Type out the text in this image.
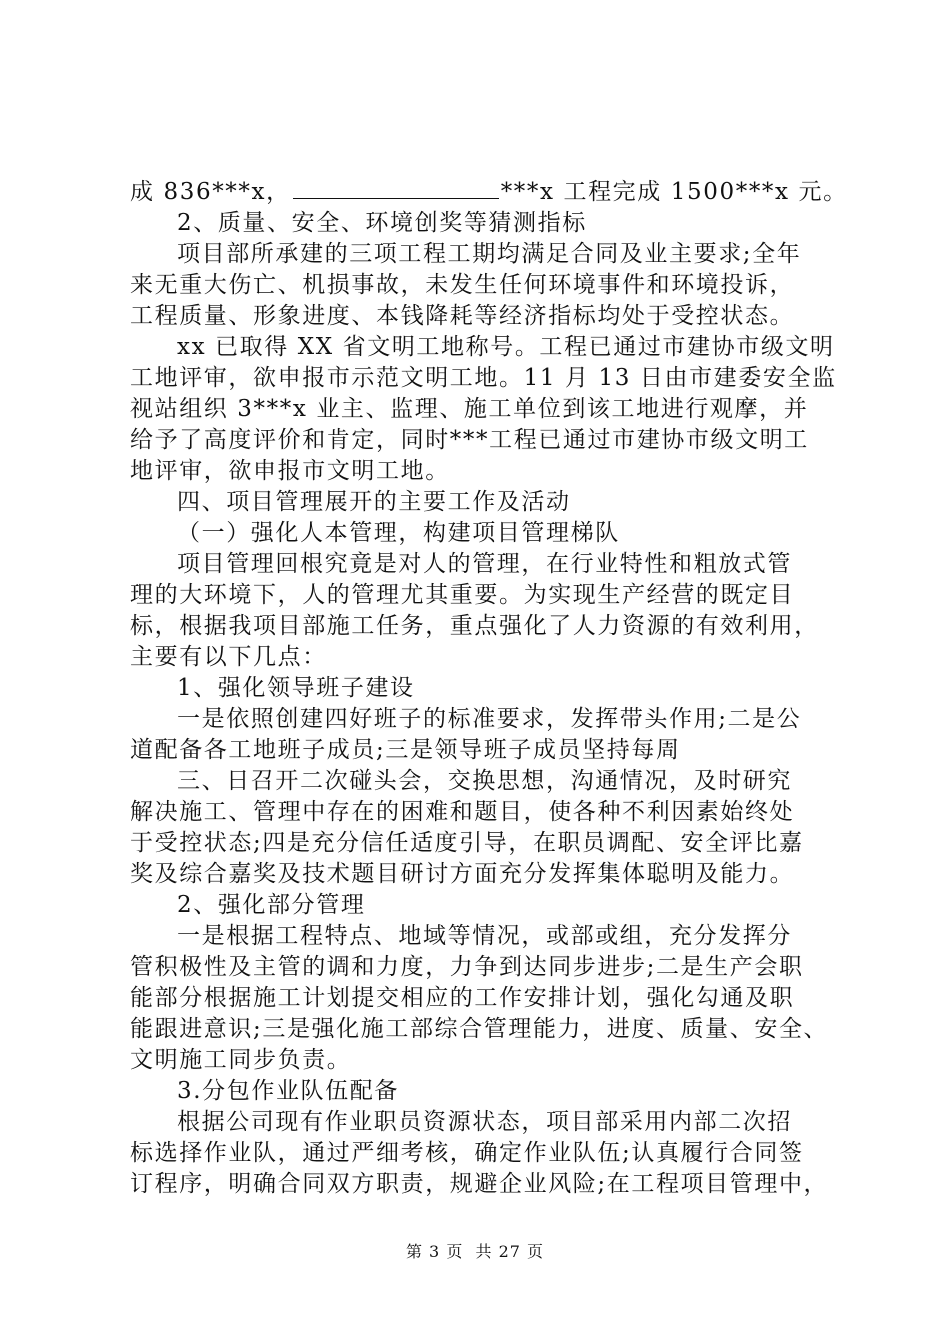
成 836***x，	***x 工程完成 1500***x 元。
2、质量、安全、环境创奖等猜测指标
项目部所承建的三项工程工期均满足合同及业主要求;全年
来无重大伤亡、机损事故，未发生任何环境事件和环境投诉，
工程质量、形象进度、本钱降耗等经济指标均处于受控状态。
xx 已取得 XX 省文明工地称号。工程已通过市建协市级文明
工地评审，欲申报市示范文明工地。11 月 13 日由市建委安全监
视站组织 3***x 业主、监理、施工单位到该工地进行观摩，并
给予了高度评价和肯定，同时***工程已通过市建协市级文明工
地评审，欲申报市文明工地。
四、项目管理展开的主要工作及活动
（一）强化人本管理，构建项目管理梯队
项目管理回根究竟是对人的管理，在行业特性和粗放式管
理的大环境下，人的管理尤其重要。为实现生产经营的既定目
标，根据我项目部施工任务，重点强化了人力资源的有效利用，
主要有以下几点：
1、强化领导班子建设
一是依照创建四好班子的标准要求，发挥带头作用;二是公
道配备各工地班子成员;三是领导班子成员坚持每周
三、日召开二次碰头会，交换思想，沟通情况，及时研究
解决施工、管理中存在的困难和题目，使各种不利因素始终处
于受控状态;四是充分信任适度引导，在职员调配、安全评比嘉
奖及综合嘉奖及技术题目研讨方面充分发挥集体聪明及能力。
2、强化部分管理
一是根据工程特点、地域等情况，或部或组，充分发挥分
管积极性及主管的调和力度，力争到达同步进步;二是生产会职
能部分根据施工计划提交相应的工作安排计划，强化勾通及职
能跟进意识;三是强化施工部综合管理能力，进度、质量、安全、
文明施工同步负责。
3.分包作业队伍配备
根据公司现有作业职员资源状态，项目部采用内部二次招
标选择作业队，通过严细考核，确定作业队伍;认真履行合同签
订程序，明确合同双方职责，规避企业风险;在工程项目管理中，
第 3 页  共 27 页
